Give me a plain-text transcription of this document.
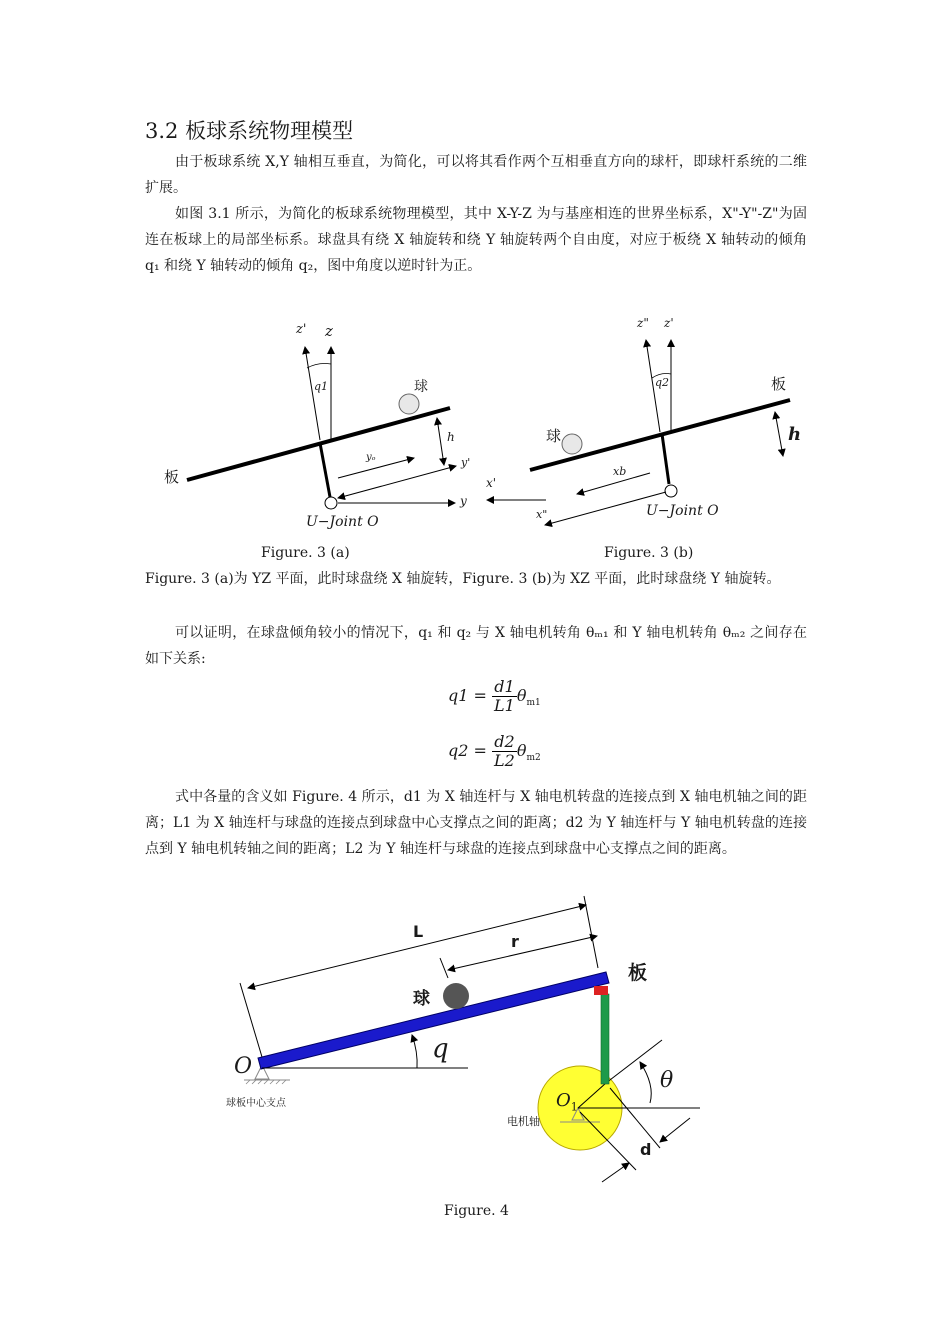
3.2 板球系统物理模型

由于板球系统 X,Y 轴相互垂直，为简化，可以将其看作两个互相垂直方向的球杆，即球杆系统的二维扩展。

如图 3.1 所示，为简化的板球系统物理模型，其中 X-Y-Z 为与基座相连的世界坐标系，X"-Y"-Z"为固连在板球上的局部坐标系。球盘具有绕 X 轴旋转和绕 Y 轴旋转两个自由度，对应于板绕 X 轴转动的倾角 q₁ 和绕 Y 轴转动的倾角 q₂，图中角度以逆时针为正。

z' z
q1	球
h
板
yₒ	y'
y
U−Joint O
z" z'
q2	板
球	h
x'
xb
x"	U−Joint O
Figure. 3 (a)	Figure. 3 (b)

Figure. 3 (a)为 YZ 平面，此时球盘绕 X 轴旋转，Figure. 3 (b)为 XZ 平面，此时球盘绕 Y 轴旋转。

可以证明，在球盘倾角较小的情况下，q₁ 和 q₂ 与 X 轴电机转角 θₘ₁ 和 Y 轴电机转角 θₘ₂ 之间存在如下关系:

$q1 = \frac{d1}{L1} \theta_{m1}$
$q2 = \frac{d2}{L2} \theta_{m2}$

式中各量的含义如 Figure. 4 所示，d1 为 X 轴连杆与 X 轴电机转盘的连接点到 X 轴电机轴之间的距离；L1 为 X 轴连杆与球盘的连接点到球盘中心支撑点之间的距离；d2 为 Y 轴连杆与 Y 轴电机转盘的连接点到 Y 轴电机转轴之间的距离；L2 为 Y 轴连杆与球盘的连接点到球盘中心支撑点之间的距离。

L
r
板
球
q
O
球板中心支点
θ
$O_1$
电机轴
d
Figure. 4
